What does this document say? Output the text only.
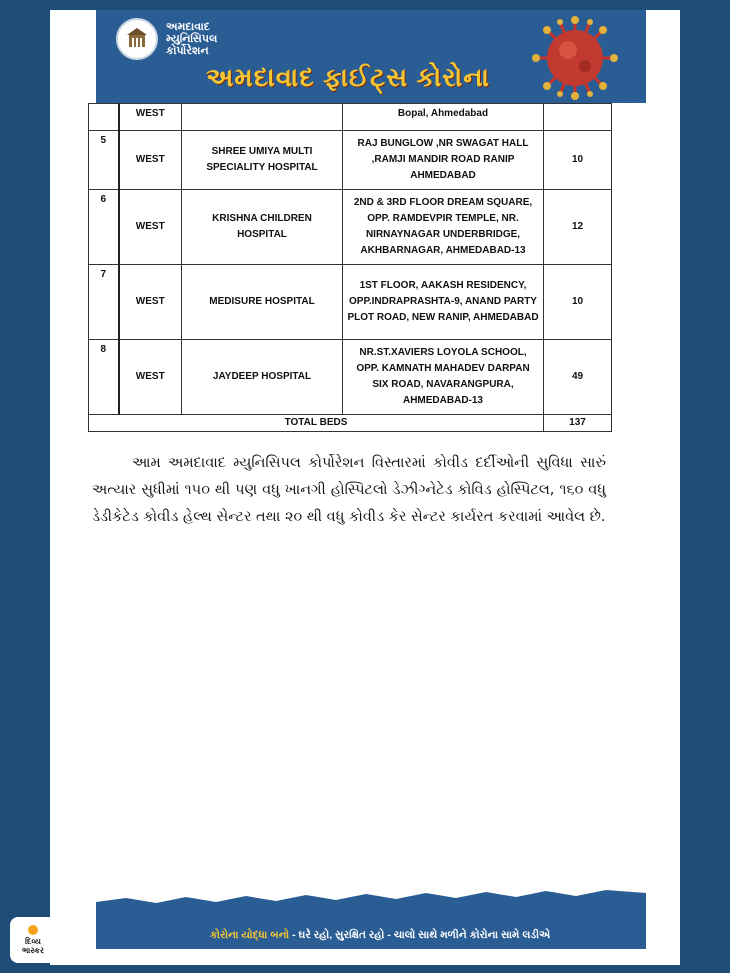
અમદાવાદ
મ્યુનિસિપલ
કોર્પોરેશન
અમદાવાદ ફાઈટ્સ કોરોના
	WEST		Bopal, Ahmedabad	
5	WEST	SHREE UMIYA MULTI SPECIALITY HOSPITAL	RAJ BUNGLOW ,NR SWAGAT HALL ,RAMJI MANDIR ROAD RANIP AHMEDABAD	10
6	WEST	KRISHNA CHILDREN HOSPITAL	2ND & 3RD FLOOR DREAM SQUARE, OPP. RAMDEVPIR TEMPLE, NR. NIRNAYNAGAR UNDERBRIDGE, AKHBARNAGAR, AHMEDABAD-13	12
7	WEST	MEDISURE HOSPITAL	1ST FLOOR, AAKASH RESIDENCY, OPP.INDRAPRASHTA-9, ANAND PARTY PLOT ROAD, NEW RANIP, AHMEDABAD	10
8	WEST	JAYDEEP HOSPITAL	NR.ST.XAVIERS LOYOLA SCHOOL, OPP. KAMNATH MAHADEV DARPAN SIX ROAD, NAVARANGPURA, AHMEDABAD-13	49
TOTAL BEDS				137
આમ અમદાવાદ મ્યુનિસિપલ કોર્પોરેશન વિસ્તારમાં કોવીડ દર્દીઓની સુવિધા સારું અત્યાર સુધીમાં ૧૫૦ થી પણ વધુ ખાનગી હોસ્પિટલો ડેઝીગ્નેટેડ કોવિડ હોસ્પિટલ, ૧૬૦ વધુ ડેડીકેટેડ કોવીડ હેલ્થ સેન્ટર તથા ૨૦ થી વધુ કોવીડ કેર સેન્ટર કાર્યરત કરવામાં આવેલ છે.
કોરોના યોદ્ધા બનો - ઘરે રહો, સુરક્ષિત રહો - ચાલો સાથે મળીને કોરોના સામે લડીએ
દિવ્ય
ભાસ્કર
